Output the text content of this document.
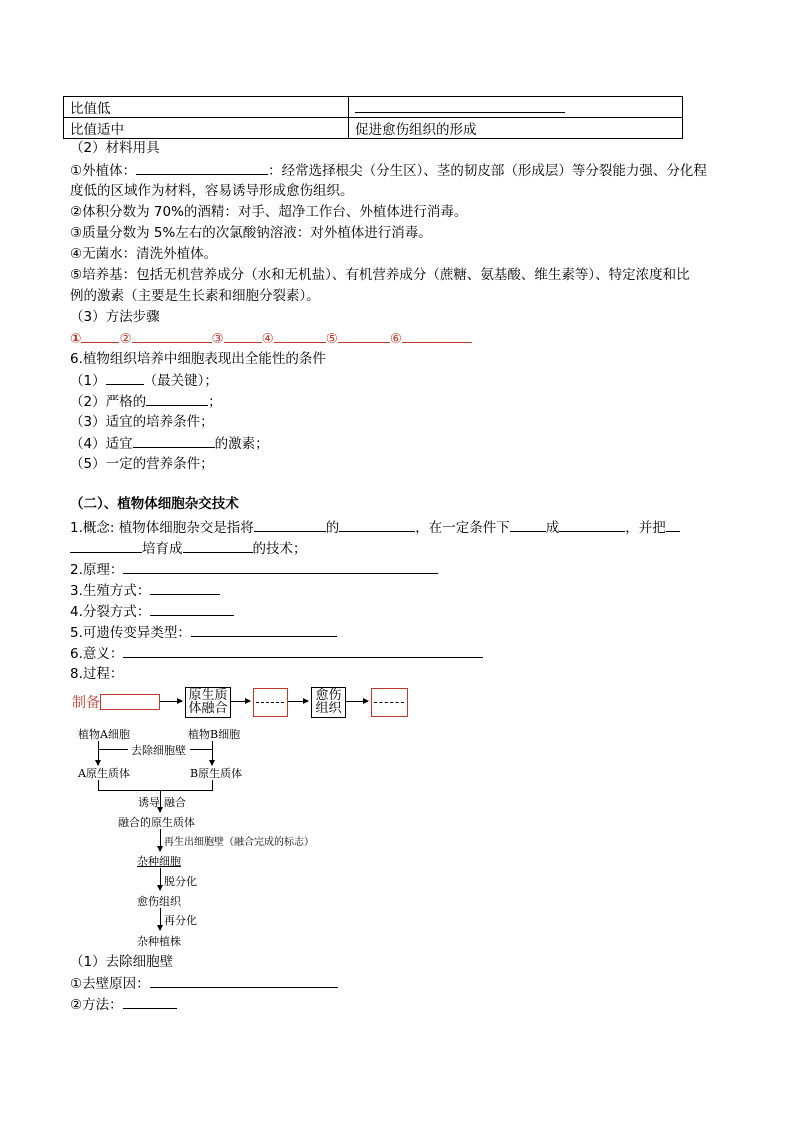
比值低	
比值适中	促进愈伤组织的形成
（2）材料用具
①外植体：	：经常选择根尖（分生区）、茎的韧皮部（形成层）等分裂能力强、分化程
度低的区域作为材料，容易诱导形成愈伤组织。
②体积分数为 70%的酒精：对手、超净工作台、外植体进行消毒。
③质量分数为 5%左右的次氯酸钠溶液：对外植体进行消毒。
④无菌水：清洗外植体。
⑤培养基：包括无机营养成分（水和无机盐）、有机营养成分（蔗糖、氨基酸、维生素等）、特定浓度和比
例的激素（主要是生长素和细胞分裂素）。
（3）方法步骤
①	②	③	④	⑤	⑥
6.植物组织培养中细胞表现出全能性的条件
（1）	（最关键）；
（2）严格的	；
（3）适宜的培养条件；
（4）适宜	的激素；
（5）一定的营养条件；
（二）、植物体细胞杂交技术
1.概念: 植物体细胞杂交是指将	的	，在一定条件下	成	，并把
培育成	的技术；
2.原理：
3.生殖方式：
4.分裂方式：
5.可遗传变异类型：
6.意义：
8.过程：
制备	原生质
体融合
愈伤
组织
植物A细胞	植物B细胞
去除细胞壁
A原生质体	B原生质体
诱导 融合
融合的原生质体
再生出细胞壁（融合完成的标志）
杂种细胞
脱分化
愈伤组织
再分化
杂种植株
（1）去除细胞壁
①去壁原因：
②方法：
